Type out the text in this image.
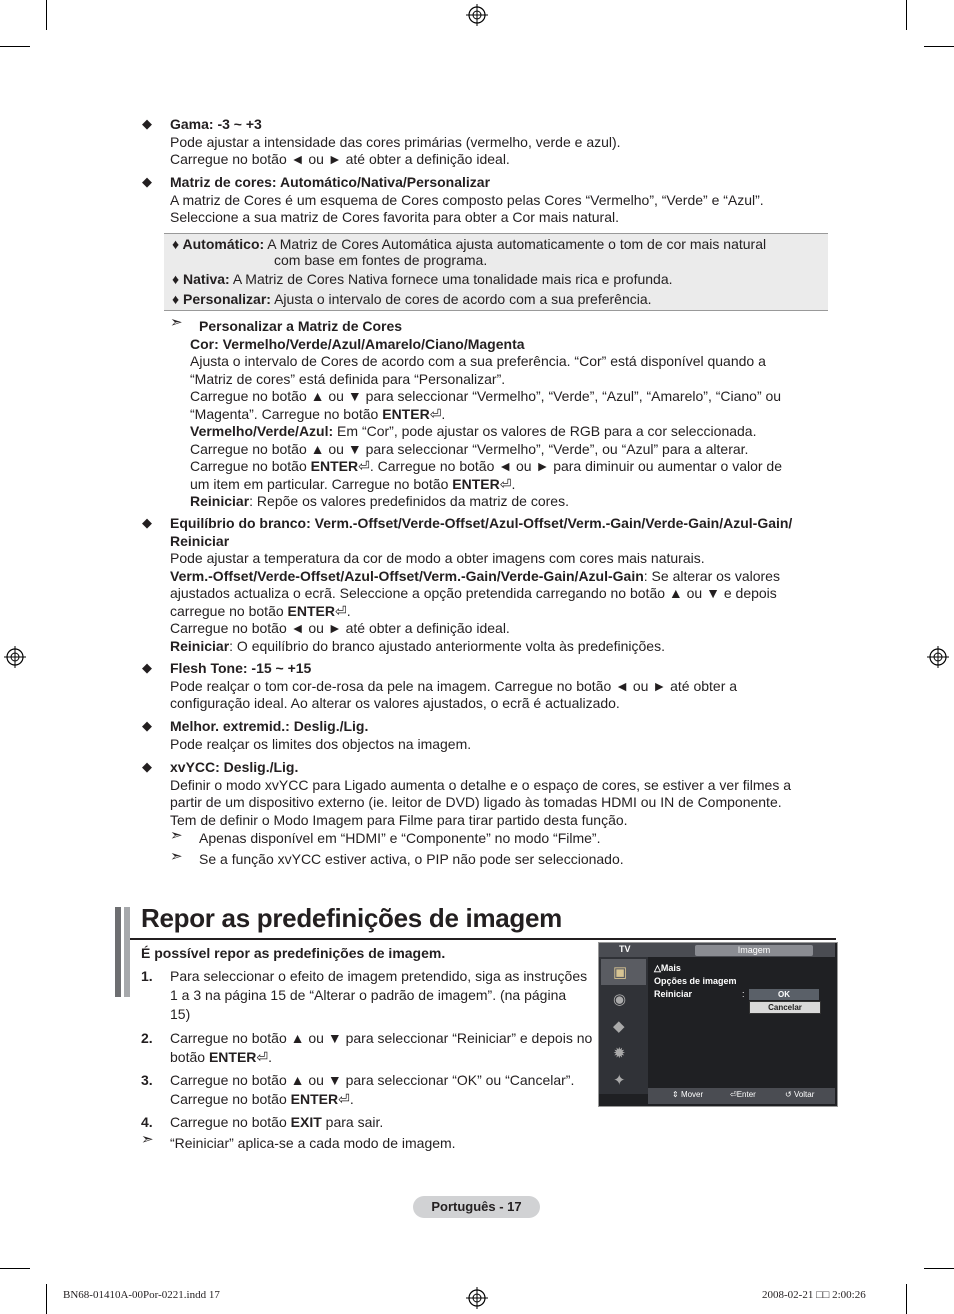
◆ Gama: -3 ~ +3
Pode ajustar a intensidade das cores primárias (vermelho, verde e azul).
Carregue no botão ◄ ou ► até obter a definição ideal.
◆ Matriz de cores: Automático/Nativa/Personalizar
A matriz de Cores é um esquema de Cores composto pelas Cores “Vermelho”, “Verde” e “Azul”.
Seleccione a sua matriz de Cores favorita para obter a Cor mais natural.
♦ Automático: A Matriz de Cores Automática ajusta automaticamente o tom de cor mais natural
com base em fontes de programa.
♦ Nativa: A Matriz de Cores Nativa fornece uma tonalidade mais rica e profunda.
♦ Personalizar: Ajusta o intervalo de cores de acordo com a sua preferência.
➣ Personalizar a Matriz de Cores
Cor: Vermelho/Verde/Azul/Amarelo/Ciano/Magenta
Ajusta o intervalo de Cores de acordo com a sua preferência. “Cor” está disponível quando a
“Matriz de cores” está definida para “Personalizar”.
Carregue no botão ▲ ou ▼ para seleccionar “Vermelho”, “Verde”, “Azul”, “Amarelo”, “Ciano” ou
“Magenta”. Carregue no botão ENTER⏎.
Vermelho/Verde/Azul: Em “Cor”, pode ajustar os valores de RGB para a cor seleccionada.
Carregue no botão ▲ ou ▼ para seleccionar “Vermelho”, “Verde”, ou “Azul” para a alterar.
Carregue no botão ENTER⏎. Carregue no botão ◄ ou ► para diminuir ou aumentar o valor de
um item em particular. Carregue no botão ENTER⏎.
Reiniciar: Repõe os valores predefinidos da matriz de cores.
◆ Equilíbrio do branco: Verm.-Offset/Verde-Offset/Azul-Offset/Verm.-Gain/Verde-Gain/Azul-Gain/
Reiniciar
Pode ajustar a temperatura da cor de modo a obter imagens com cores mais naturais.
Verm.-Offset/Verde-Offset/Azul-Offset/Verm.-Gain/Verde-Gain/Azul-Gain: Se alterar os valores
ajustados actualiza o ecrã. Seleccione a opção pretendida carregando no botão ▲ ou ▼ e depois
carregue no botão ENTER⏎.
Carregue no botão ◄ ou ► até obter a definição ideal.
Reiniciar: O equilíbrio do branco ajustado anteriormente volta às predefinições.
◆ Flesh Tone: -15 ~ +15
Pode realçar o tom cor-de-rosa da pele na imagem. Carregue no botão ◄ ou ► até obter a
configuração ideal. Ao alterar os valores ajustados, o ecrã é actualizado.
◆ Melhor. extremid.: Deslig./Lig.
Pode realçar os limites dos objectos na imagem.
◆ xvYCC: Deslig./Lig.
Definir o modo xvYCC para Ligado aumenta o detalhe e o espaço de cores, se estiver a ver filmes a
partir de um dispositivo externo (ie. leitor de DVD) ligado às tomadas HDMI ou IN de Componente.
Tem de definir o Modo Imagem para Filme para tirar partido desta função.
➣ Apenas disponível em “HDMI” e “Componente” no modo “Filme”.
➣ Se a função xvYCC estiver activa, o PIP não pode ser seleccionado.
Repor as predefinições de imagem
É possível repor as predefinições de imagem.
1. Para seleccionar o efeito de imagem pretendido, siga as instruções 1 a 3 na página 15 de “Alterar o padrão de imagem”. (na página 15)
2. Carregue no botão ▲ ou ▼ para seleccionar “Reiniciar” e depois no botão ENTER⏎.
3. Carregue no botão ▲ ou ▼ para seleccionar “OK” ou “Cancelar”. Carregue no botão ENTER⏎.
4. Carregue no botão EXIT para sair.
➣ “Reiniciar” aplica-se a cada modo de imagem.
TV	Imagem
▣
◉
◆
✹
✦
△Mais
Opções de imagem
Reiniciar	:	OK
Cancelar
⇕ Mover	⏎Enter	↺ Voltar
Português - 17
BN68-01410A-00Por-0221.indd 17	2008-02-21 □□ 2:00:26
